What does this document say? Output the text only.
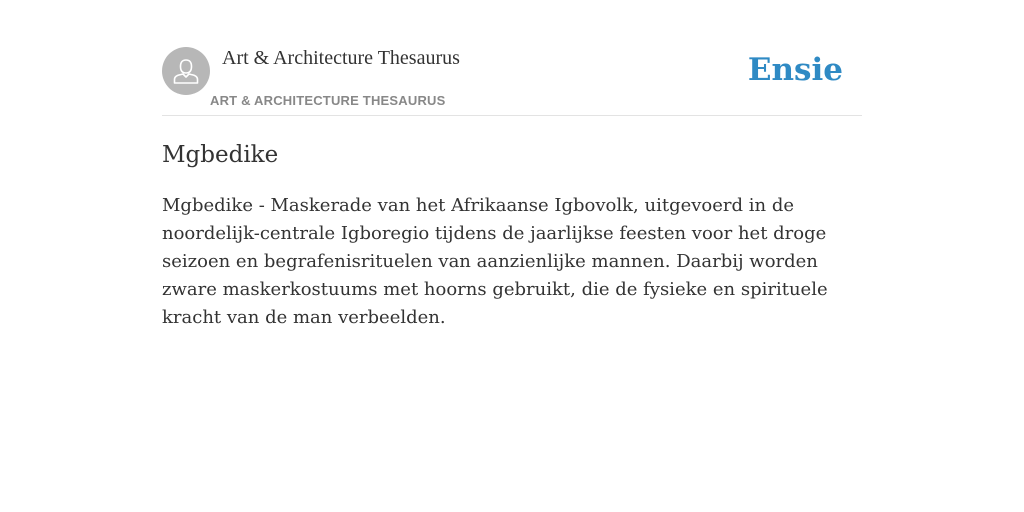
Art & Architecture Thesaurus
ART & ARCHITECTURE THESAURUS
Ensie
Mgbedike

Mgbedike - Maskerade van het Afrikaanse Igbovolk, uitgevoerd in de noordelijk-centrale Igboregio tijdens de jaarlijkse feesten voor het droge seizoen en begrafenisrituelen van aanzienlijke mannen. Daarbij worden zware maskerkostuums met hoorns gebruikt, die de fysieke en spirituele kracht van de man verbeelden.
